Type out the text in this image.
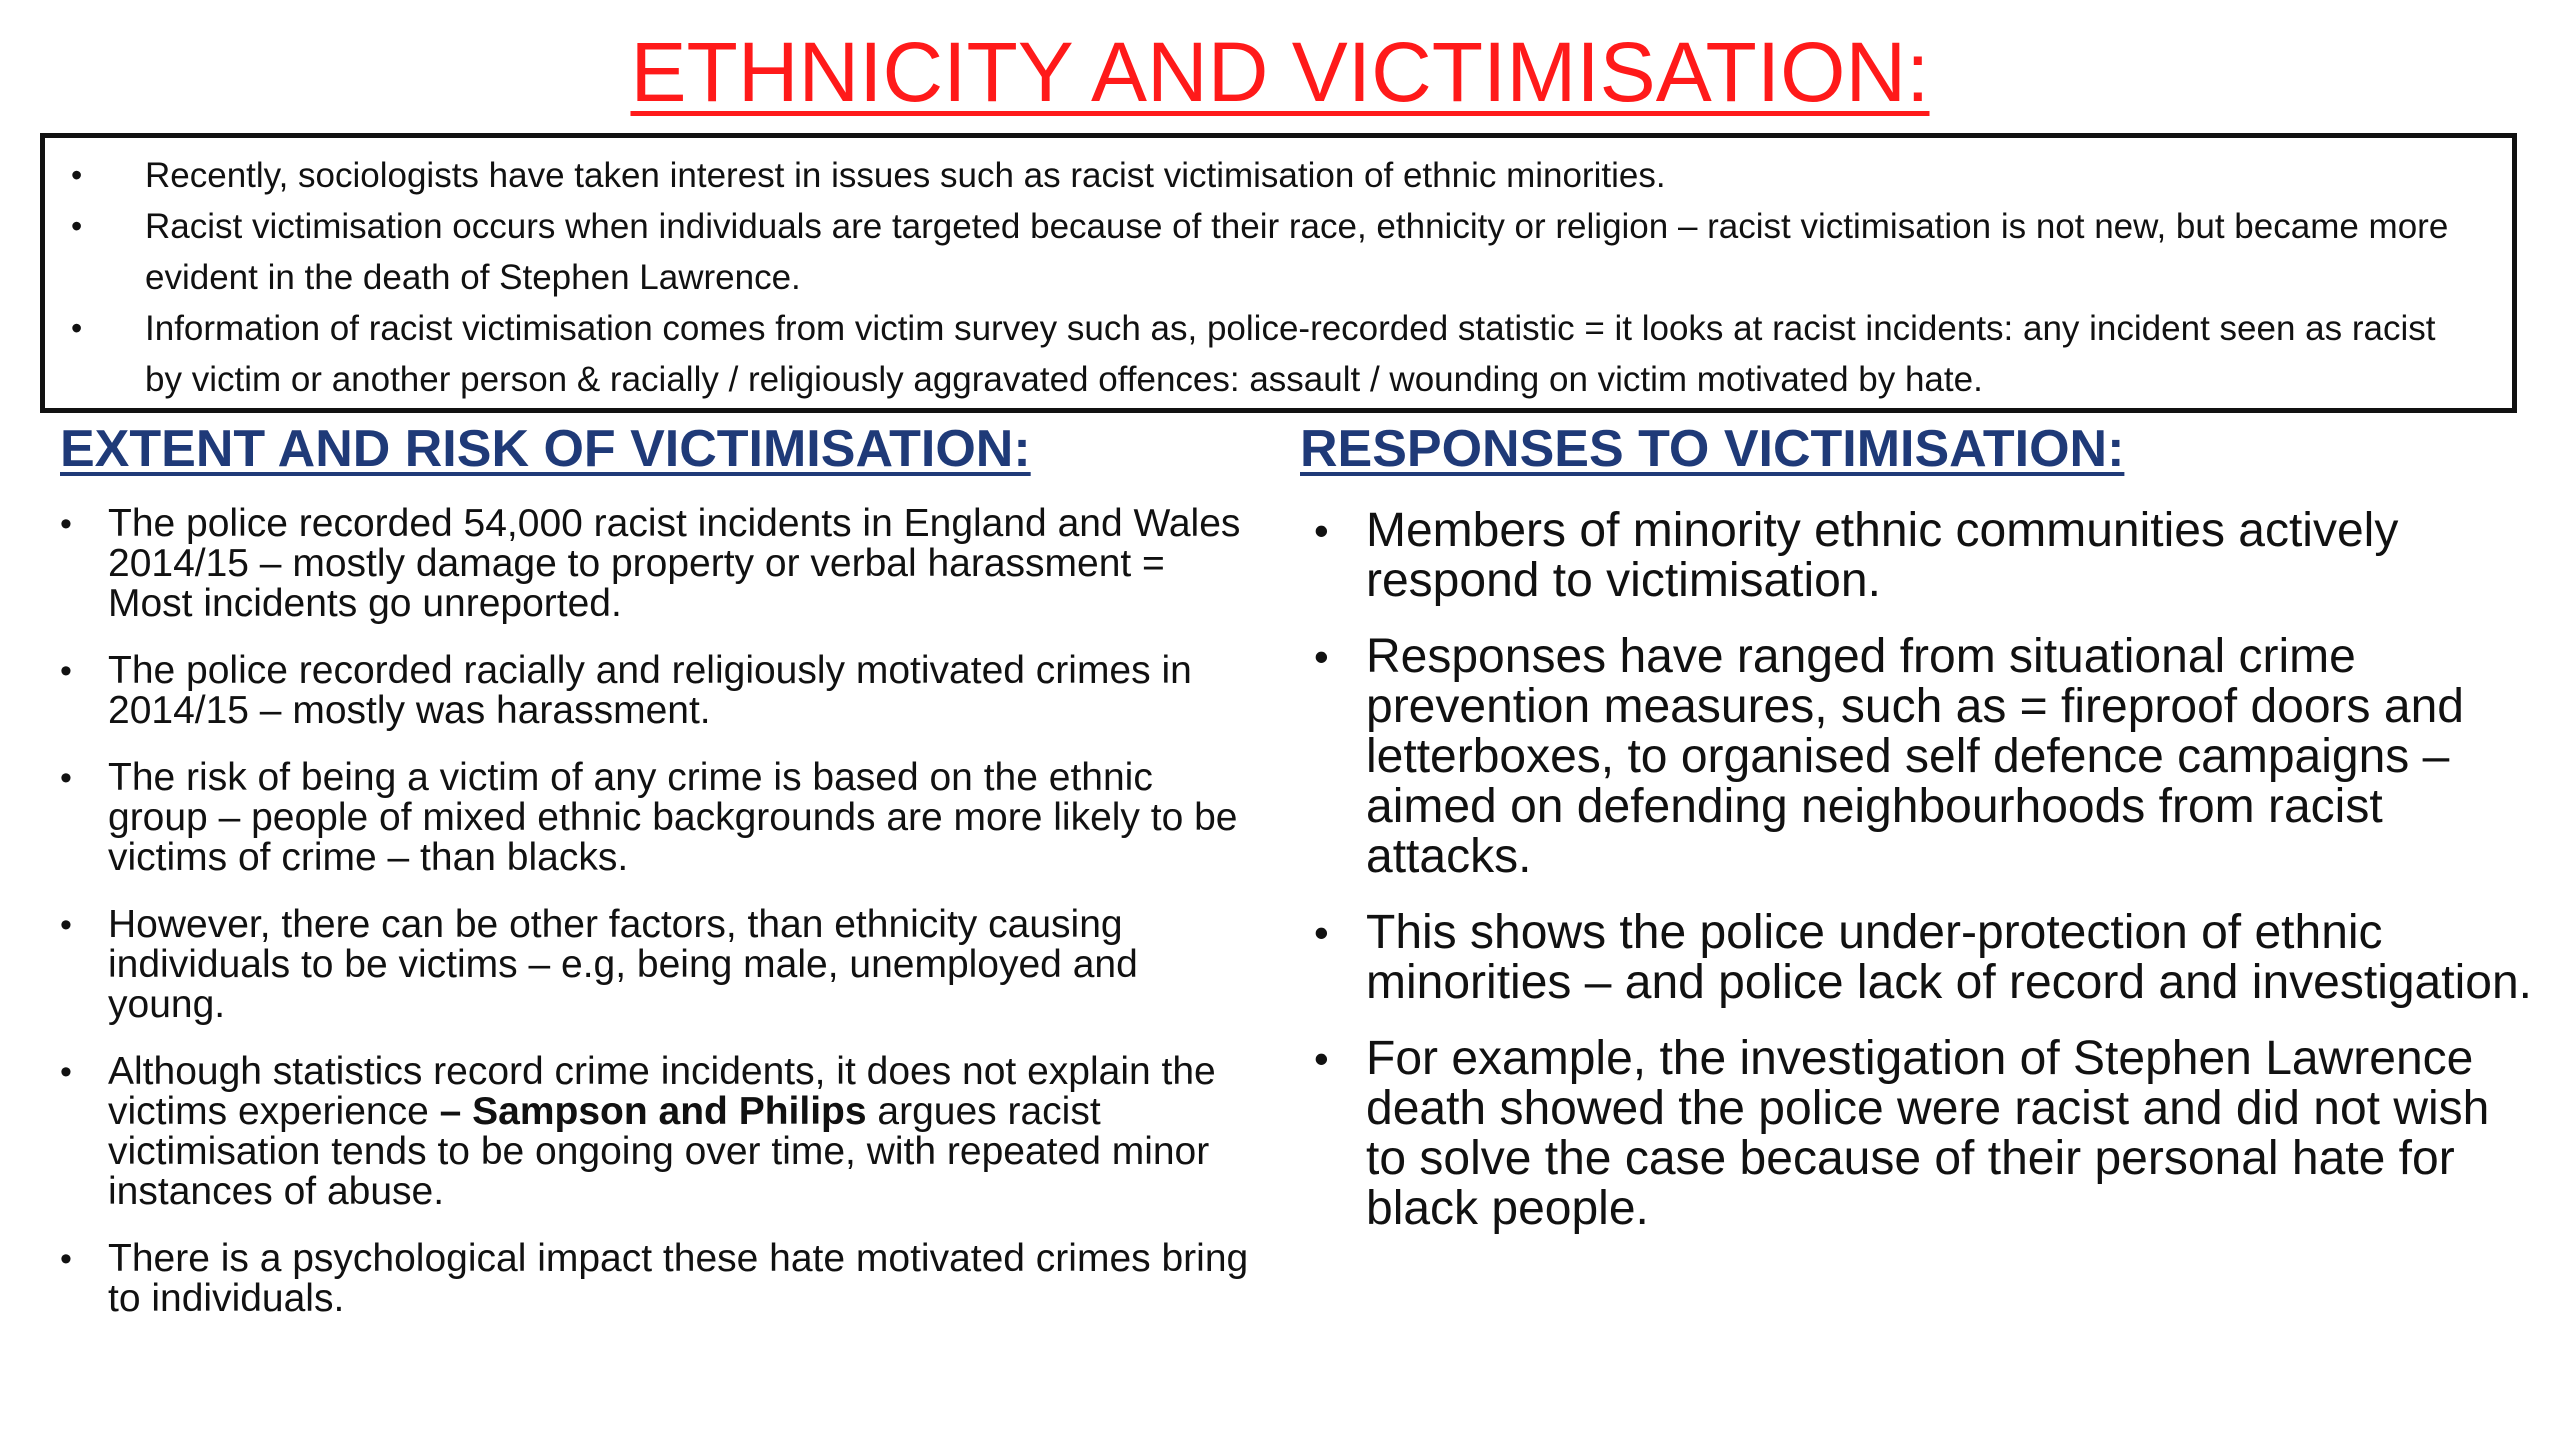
ETHNICITY AND VICTIMISATION:
• Recently, sociologists have taken interest in issues such as racist victimisation of ethnic minorities.
• Racist victimisation occurs when individuals are targeted because of their race, ethnicity or religion – racist victimisation is not new, but became more evident in the death of Stephen Lawrence.
• Information of racist victimisation comes from victim survey such as, police-recorded statistic = it looks at racist incidents: any incident seen as racist by victim or another person & racially / religiously aggravated offences: assault / wounding on victim motivated by hate.
EXTENT AND RISK OF VICTIMISATION:
• The police recorded 54,000 racist incidents in England and Wales 2014/15 – mostly damage to property or verbal harassment = Most incidents go unreported.
• The police recorded racially and religiously motivated crimes in 2014/15 – mostly was harassment.
• The risk of being a victim of any crime is based on the ethnic group – people of mixed ethnic backgrounds are more likely to be victims of crime – than blacks.
• However, there can be other factors, than ethnicity causing individuals to be victims – e.g, being male, unemployed and young.
• Although statistics record crime incidents, it does not explain the victims experience – Sampson and Philips argues racist victimisation tends to be ongoing over time, with repeated minor instances of abuse.
• There is a psychological impact these hate motivated crimes bring to individuals.
RESPONSES TO VICTIMISATION:
• Members of minority ethnic communities actively respond to victimisation.
• Responses have ranged from situational crime prevention measures, such as = fireproof doors and letterboxes, to organised self defence campaigns – aimed on defending neighbourhoods from racist attacks.
• This shows the police under-protection of ethnic minorities – and police lack of record and investigation.
• For example, the investigation of Stephen Lawrence death showed the police were racist and did not wish to solve the case because of their personal hate for black people.
